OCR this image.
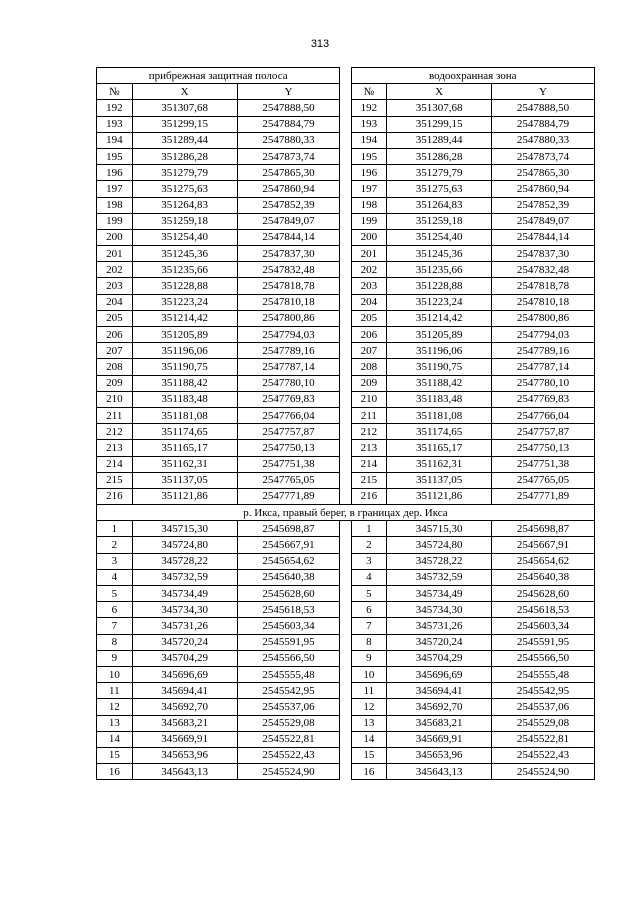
313
прибрежная защитная полоса				водоохранная зона		
№	X	Y		№	X	Y
192	351307,68	2547888,50		192	351307,68	2547888,50
193	351299,15	2547884,79		193	351299,15	2547884,79
194	351289,44	2547880,33		194	351289,44	2547880,33
195	351286,28	2547873,74		195	351286,28	2547873,74
196	351279,79	2547865,30		196	351279,79	2547865,30
197	351275,63	2547860,94		197	351275,63	2547860,94
198	351264,83	2547852,39		198	351264,83	2547852,39
199	351259,18	2547849,07		199	351259,18	2547849,07
200	351254,40	2547844,14		200	351254,40	2547844,14
201	351245,36	2547837,30		201	351245,36	2547837,30
202	351235,66	2547832,48		202	351235,66	2547832,48
203	351228,88	2547818,78		203	351228,88	2547818,78
204	351223,24	2547810,18		204	351223,24	2547810,18
205	351214,42	2547800,86		205	351214,42	2547800,86
206	351205,89	2547794,03		206	351205,89	2547794,03
207	351196,06	2547789,16		207	351196,06	2547789,16
208	351190,75	2547787,14		208	351190,75	2547787,14
209	351188,42	2547780,10		209	351188,42	2547780,10
210	351183,48	2547769,83		210	351183,48	2547769,83
211	351181,08	2547766,04		211	351181,08	2547766,04
212	351174,65	2547757,87		212	351174,65	2547757,87
213	351165,17	2547750,13		213	351165,17	2547750,13
214	351162,31	2547751,38		214	351162,31	2547751,38
215	351137,05	2547765,05		215	351137,05	2547765,05
216	351121,86	2547771,89		216	351121,86	2547771,89
р. Икса, правый берег, в границах дер. Икса						
1	345715,30	2545698,87		1	345715,30	2545698,87
2	345724,80	2545667,91		2	345724,80	2545667,91
3	345728,22	2545654,62		3	345728,22	2545654,62
4	345732,59	2545640,38		4	345732,59	2545640,38
5	345734,49	2545628,60		5	345734,49	2545628,60
6	345734,30	2545618,53		6	345734,30	2545618,53
7	345731,26	2545603,34		7	345731,26	2545603,34
8	345720,24	2545591,95		8	345720,24	2545591,95
9	345704,29	2545566,50		9	345704,29	2545566,50
10	345696,69	2545555,48		10	345696,69	2545555,48
11	345694,41	2545542,95		11	345694,41	2545542,95
12	345692,70	2545537,06		12	345692,70	2545537,06
13	345683,21	2545529,08		13	345683,21	2545529,08
14	345669,91	2545522,81		14	345669,91	2545522,81
15	345653,96	2545522,43		15	345653,96	2545522,43
16	345643,13	2545524,90		16	345643,13	2545524,90
